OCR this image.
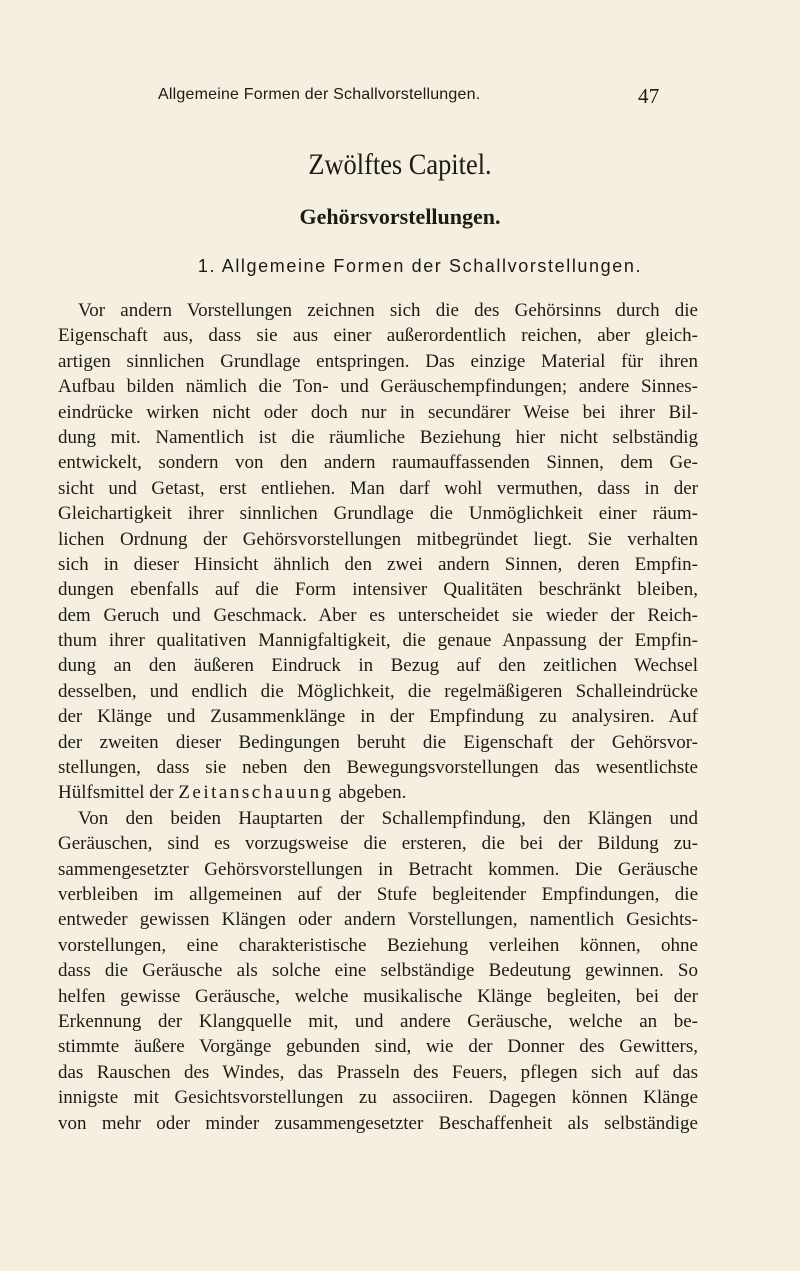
Allgemeine Formen der Schallvorstellungen.	47
Zwölftes Capitel.
Gehörsvorstellungen.
1. Allgemeine Formen der Schallvorstellungen.
Vor andern Vorstellungen zeichnen sich die des Gehörsinns durch die
Eigenschaft aus, dass sie aus einer außerordentlich reichen, aber gleich-
artigen sinnlichen Grundlage entspringen. Das einzige Material für ihren
Aufbau bilden nämlich die Ton- und Geräuschempfindungen; andere Sinnes-
eindrücke wirken nicht oder doch nur in secundärer Weise bei ihrer Bil-
dung mit. Namentlich ist die räumliche Beziehung hier nicht selbständig
entwickelt, sondern von den andern raumauffassenden Sinnen, dem Ge-
sicht und Getast, erst entliehen. Man darf wohl vermuthen, dass in der
Gleichartigkeit ihrer sinnlichen Grundlage die Unmöglichkeit einer räum-
lichen Ordnung der Gehörsvorstellungen mitbegründet liegt. Sie verhalten
sich in dieser Hinsicht ähnlich den zwei andern Sinnen, deren Empfin-
dungen ebenfalls auf die Form intensiver Qualitäten beschränkt bleiben,
dem Geruch und Geschmack. Aber es unterscheidet sie wieder der Reich-
thum ihrer qualitativen Mannigfaltigkeit, die genaue Anpassung der Empfin-
dung an den äußeren Eindruck in Bezug auf den zeitlichen Wechsel
desselben, und endlich die Möglichkeit, die regelmäßigeren Schalleindrücke
der Klänge und Zusammenklänge in der Empfindung zu analysiren. Auf
der zweiten dieser Bedingungen beruht die Eigenschaft der Gehörsvor-
stellungen, dass sie neben den Bewegungsvorstellungen das wesentlichste
Hülfsmittel der Zeitanschauung abgeben.
Von den beiden Hauptarten der Schallempfindung, den Klängen und
Geräuschen, sind es vorzugsweise die ersteren, die bei der Bildung zu-
sammengesetzter Gehörsvorstellungen in Betracht kommen. Die Geräusche
verbleiben im allgemeinen auf der Stufe begleitender Empfindungen, die
entweder gewissen Klängen oder andern Vorstellungen, namentlich Gesichts-
vorstellungen, eine charakteristische Beziehung verleihen können, ohne
dass die Geräusche als solche eine selbständige Bedeutung gewinnen. So
helfen gewisse Geräusche, welche musikalische Klänge begleiten, bei der
Erkennung der Klangquelle mit, und andere Geräusche, welche an be-
stimmte äußere Vorgänge gebunden sind, wie der Donner des Gewitters,
das Rauschen des Windes, das Prasseln des Feuers, pflegen sich auf das
innigste mit Gesichtsvorstellungen zu associiren. Dagegen können Klänge
von mehr oder minder zusammengesetzter Beschaffenheit als selbständige
